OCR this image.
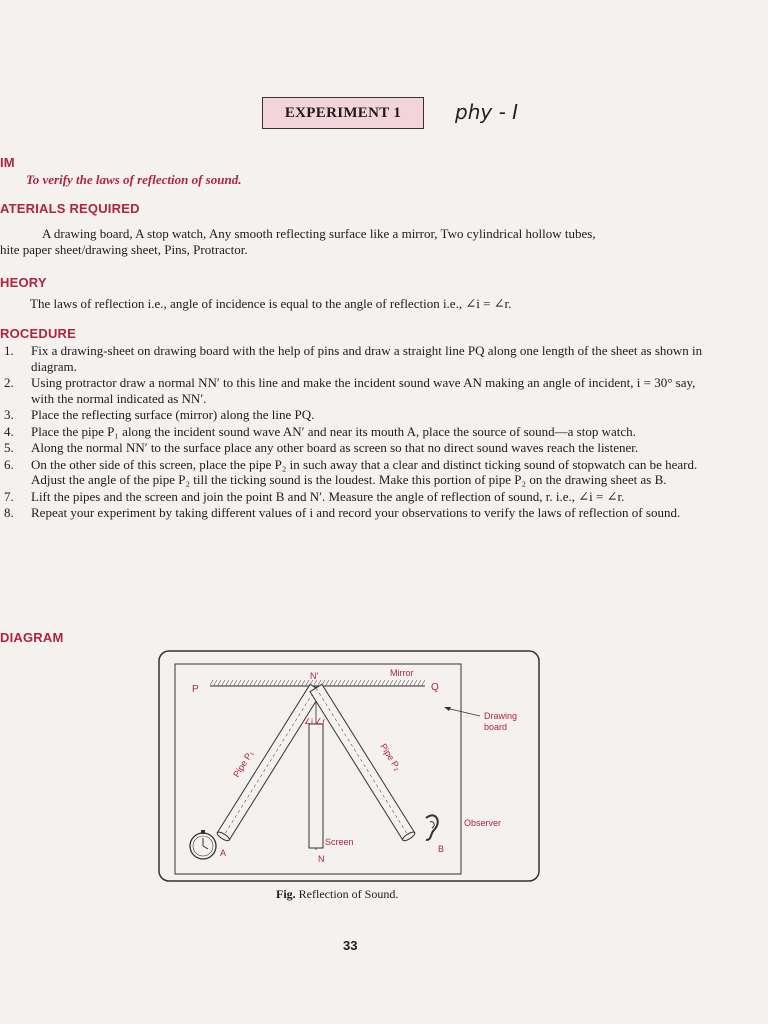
EXPERIMENT 1	phy - I
IM
To verify the laws of reflection of sound.
ATERIALS REQUIRED
A drawing board, A stop watch, Any smooth reflecting surface like a mirror, Two cylindrical hollow tubes,
hite paper sheet/drawing sheet, Pins, Protractor.
HEORY
The laws of reflection i.e., angle of incidence is equal to the angle of reflection i.e., ∠i = ∠r.
ROCEDURE
1. Fix a drawing-sheet on drawing board with the help of pins and draw a straight line PQ along one length of the sheet as shown in diagram.
2. Using protractor draw a normal NN′ to this line and make the incident sound wave AN making an angle of incident, i = 30° say, with the normal indicated as NN′.
3. Place the reflecting surface (mirror) along the line PQ.
4. Place the pipe P₁ along the incident sound wave AN′ and near its mouth A, place the source of sound—a stop watch.
5. Along the normal NN′ to the surface place any other board as screen so that no direct sound waves reach the listener.
6. On the other side of this screen, place the pipe P₂ in such away that a clear and distinct ticking sound of stopwatch can be heard. Adjust the angle of the pipe P₂ till the ticking sound is the loudest. Make this portion of pipe P₂ on the drawing sheet as B.
7. Lift the pipes and the screen and join the point B and N′. Measure the angle of reflection of sound, r. i.e., ∠i = ∠r.
8. Repeat your experiment by taking different values of i and record your observations to verify the laws of reflection of sound.
DIAGRAM
P	Q
N'	Mirror
Screen
N
∠i ∠r
Pipe P₁	Pipe P₂
A	B
Observer
Drawing
board
Fig. Reflection of Sound.
33
